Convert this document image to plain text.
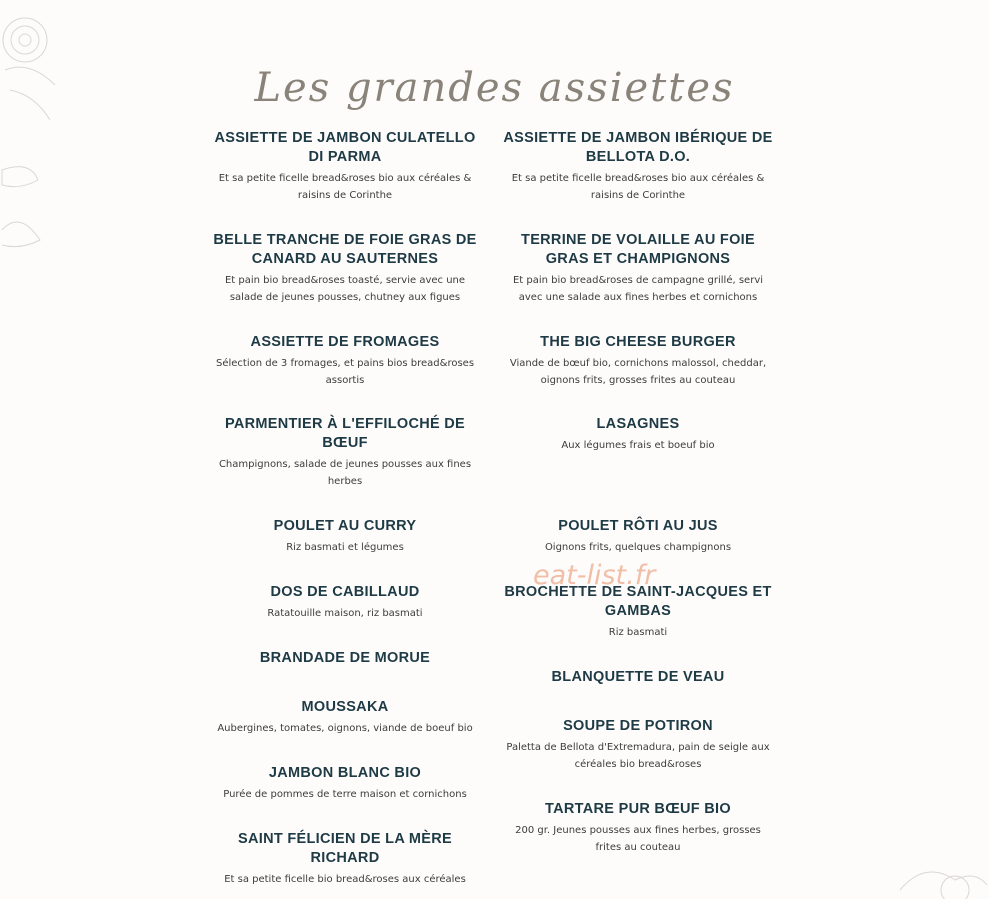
Les grandes assiettes
ASSIETTE DE JAMBON CULATELLO DI PARMA
Et sa petite ficelle bread&roses bio aux céréales & raisins de Corinthe
BELLE TRANCHE DE FOIE GRAS DE CANARD AU SAUTERNES
Et pain bio bread&roses toasté, servie avec une salade de jeunes pousses, chutney aux figues
ASSIETTE DE FROMAGES
Sélection de 3 fromages, et pains bios bread&roses assortis
PARMENTIER À L'EFFILOCHÉ DE BŒUF
Champignons, salade de jeunes pousses aux fines herbes
POULET AU CURRY
Riz basmati et légumes
DOS DE CABILLAUD
Ratatouille maison, riz basmati
BRANDADE DE MORUE
MOUSSAKA
Aubergines, tomates, oignons, viande de boeuf bio
JAMBON BLANC BIO
Purée de pommes de terre maison et cornichons
SAINT FÉLICIEN DE LA MÈRE RICHARD
Et sa petite ficelle bio bread&roses aux céréales
ASSIETTE DE JAMBON IBÉRIQUE DE BELLOTA D.O.
Et sa petite ficelle bread&roses bio aux céréales & raisins de Corinthe
TERRINE DE VOLAILLE AU FOIE GRAS ET CHAMPIGNONS
Et pain bio bread&roses de campagne grillé, servi avec une salade aux fines herbes et cornichons
THE BIG CHEESE BURGER
Viande de bœuf bio, cornichons malossol, cheddar, oignons frits, grosses frites au couteau
LASAGNES
Aux légumes frais et boeuf bio
POULET RÔTI AU JUS
Oignons frits, quelques champignons
BROCHETTE DE SAINT-JACQUES ET GAMBAS
Riz basmati
BLANQUETTE DE VEAU
SOUPE DE POTIRON
Paletta de Bellota d'Extremadura, pain de seigle aux céréales bio bread&roses
TARTARE PUR BŒUF BIO
200 gr. Jeunes pousses aux fines herbes, grosses frites au couteau
eat-list.fr
